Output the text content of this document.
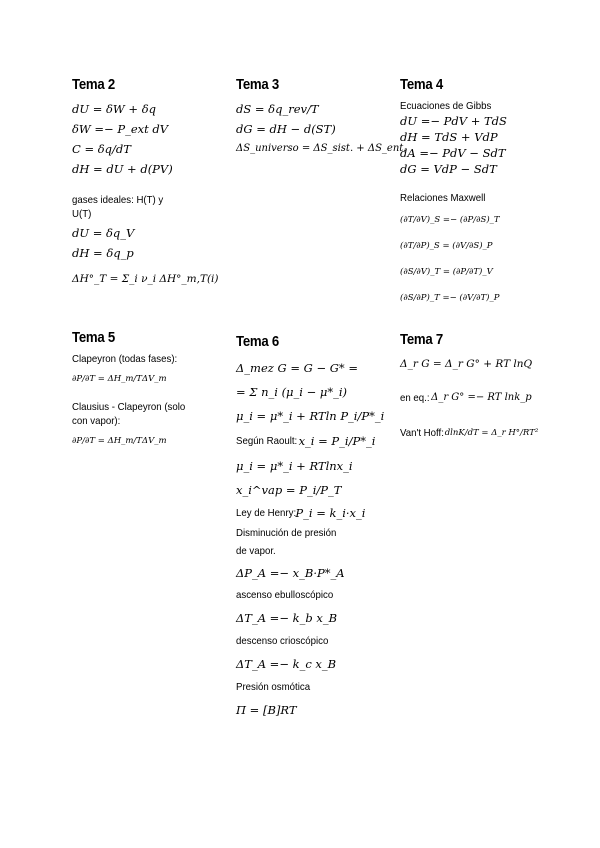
Tema 2

dU = δW + δq

δW =− P_ext dV

C = δq/dT

dH = dU + d(PV)

gases ideales: H(T) y

U(T)

dU = δq_V

dH = δq_p

ΔH°_T = Σ_i ν_i ΔH°_m,T(i)

Tema 5

Clapeyron (todas fases):

∂P/∂T = ΔH_m/TΔV_m

Clausius - Clapeyron (solo

con vapor):

∂P/∂T = ΔH_m/TΔV_m

Tema 3

dS = δq_rev/T

dG = dH − d(ST)

ΔS_universo = ΔS_sist. + ΔS_ent.

Tema 6

Δ_mez G = G − G* =

= Σ n_i (μ_i − μ*_i)

μ_i = μ*_i + RTln P_i/P*_i

Según Raoult: x_i = P_i/P*_i

μ_i = μ*_i + RTlnx_i

x_i^vap = P_i/P_T

Ley de Henry: P_i = k_i·x_i

Disminución de presión

de vapor.

ΔP_A =− x_B·P*_A

ascenso ebulloscópico

ΔT_A =− k_b x_B

descenso crioscópico

ΔT_A =− k_c x_B

Presión osmótica

Π = [B]RT

Tema 4

Ecuaciones de Gibbs

dU =− PdV + TdS

dH = TdS + VdP

dA =− PdV − SdT

dG = VdP − SdT

Relaciones Maxwell

(∂T/∂V)_S =− (∂P/∂S)_T

(∂T/∂P)_S = (∂V/∂S)_P

(∂S/∂V)_T = (∂P/∂T)_V

(∂S/∂P)_T =− (∂V/∂T)_P

Tema 7

Δ_r G = Δ_r G° + RT lnQ

en eq.: Δ_r G° =− RT lnk_p
Van't Hoff: dlnK/dT = Δ_r H°/RT²
